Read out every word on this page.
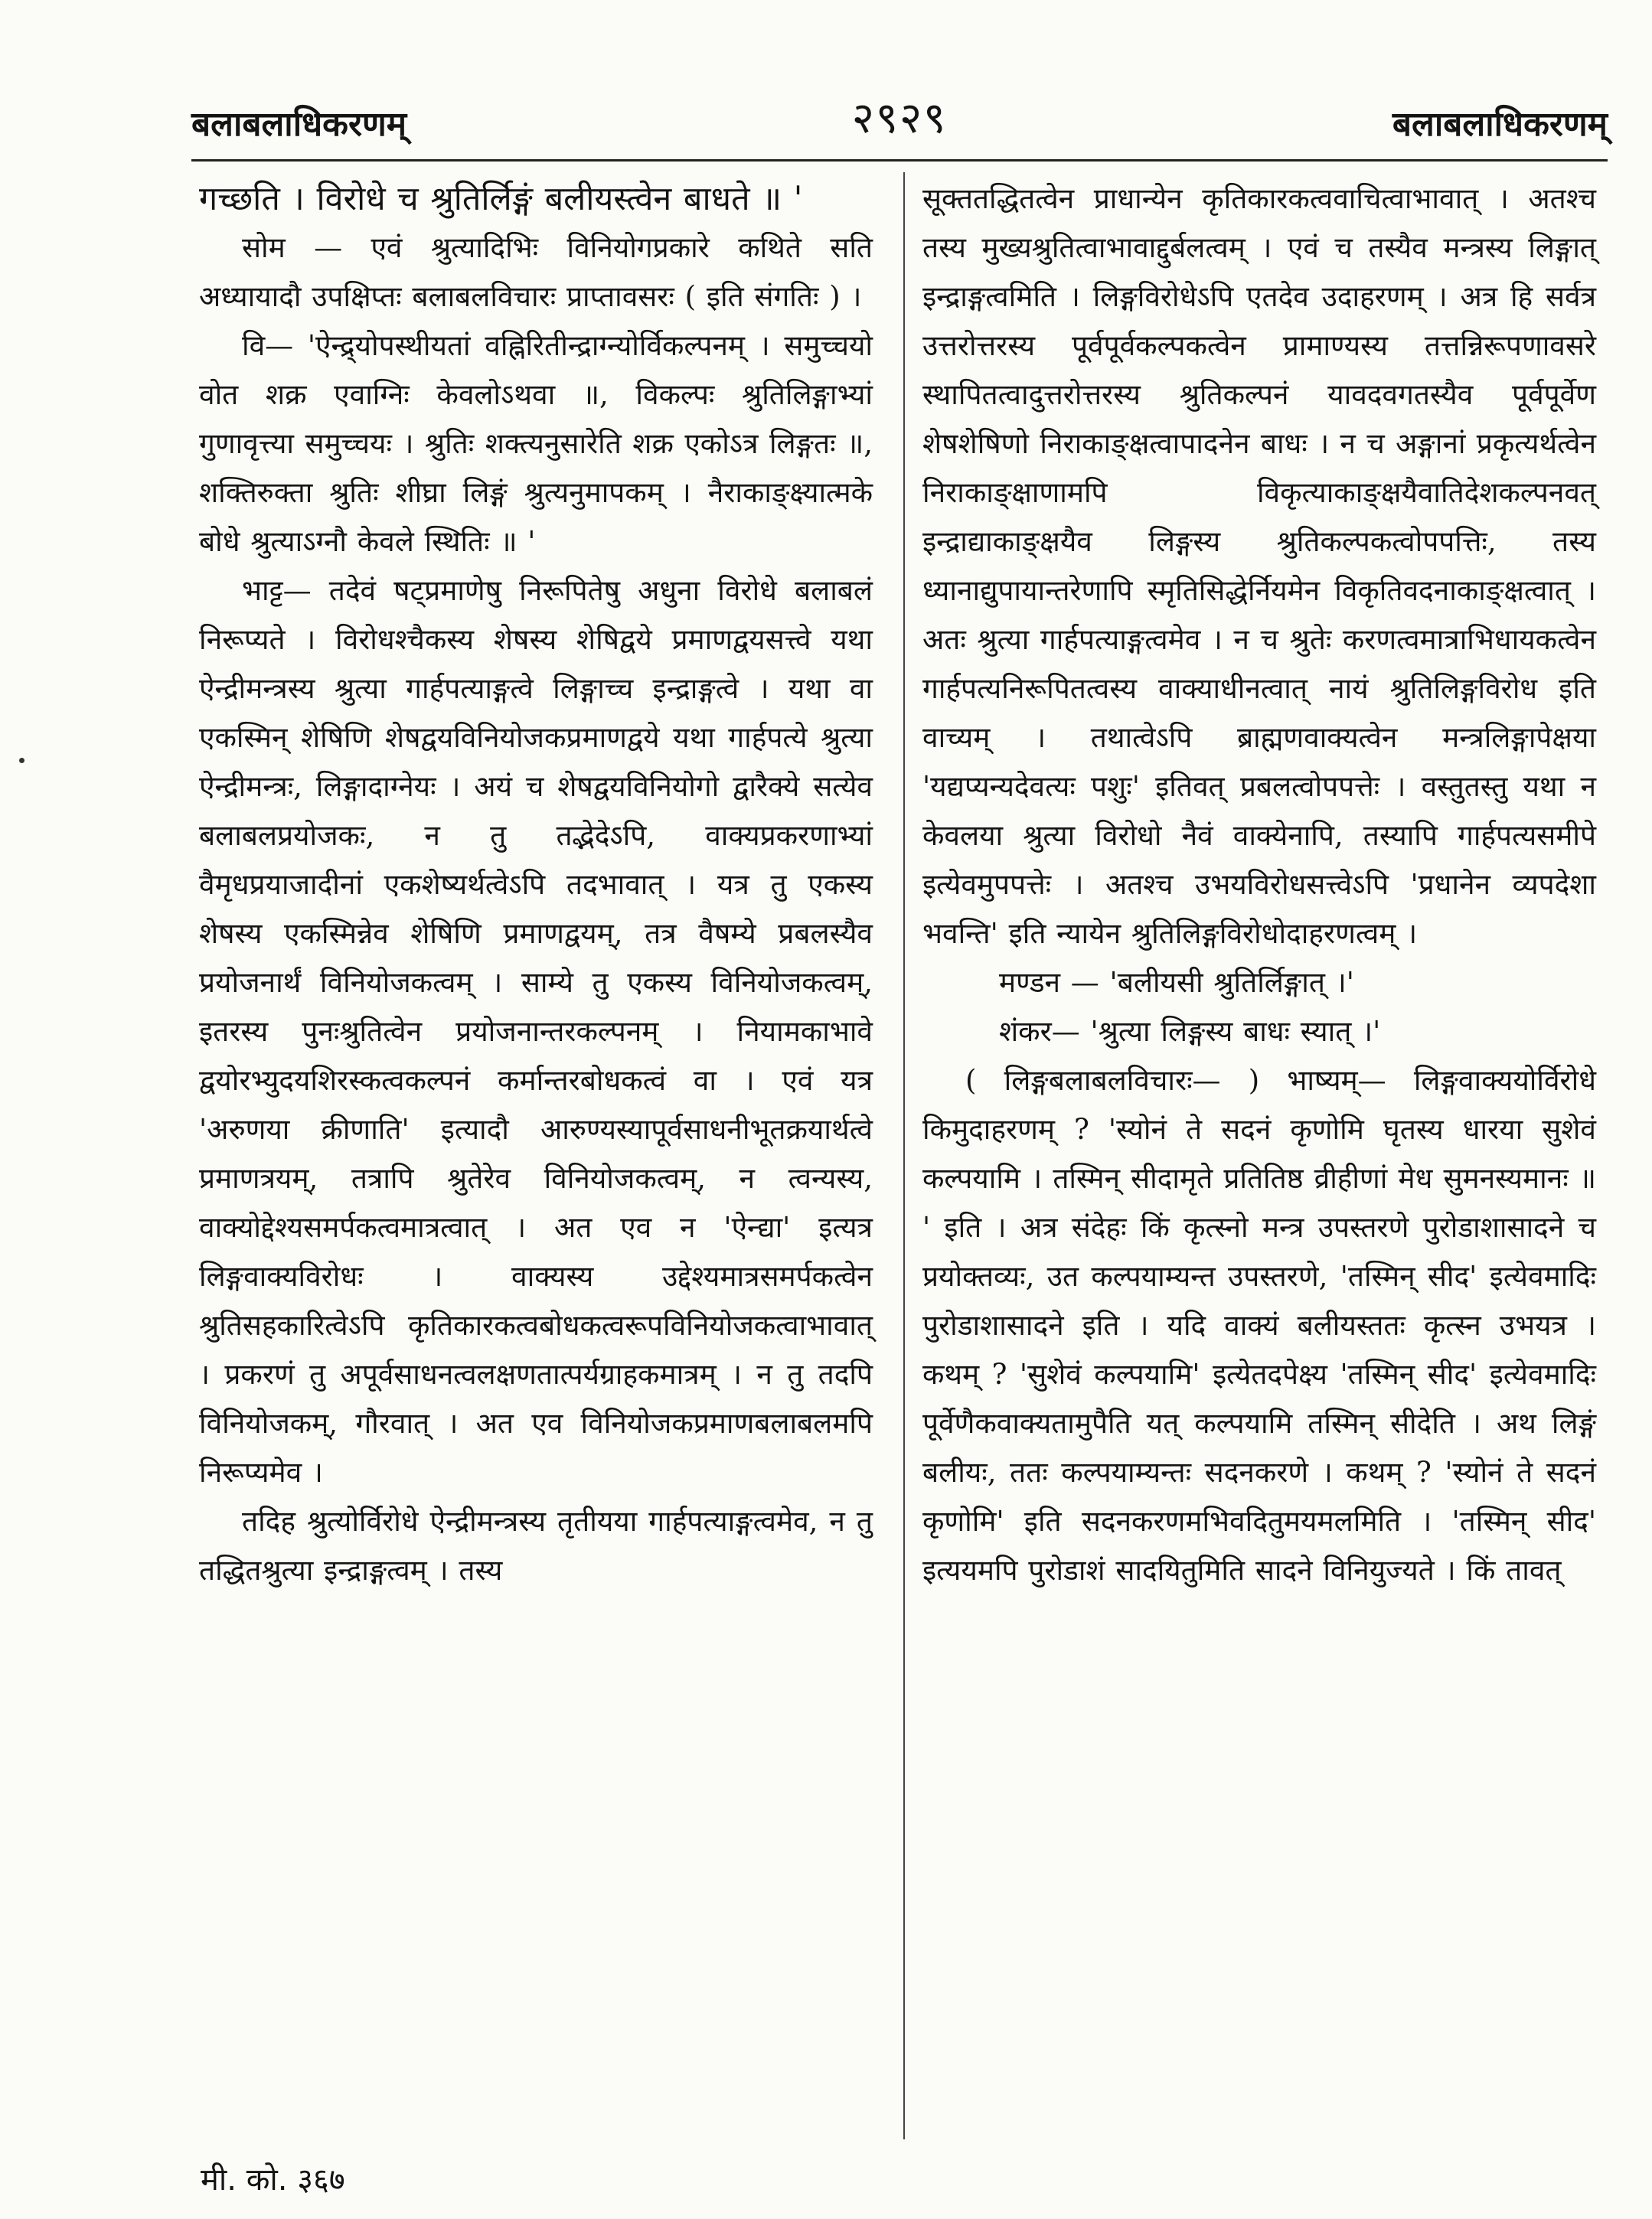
बलाबलाधिकरणम्	२९२९	बलाबलाधिकरणम्

गच्छति । विरोधे च श्रुतिर्लिङ्गं बलीयस्त्वेन बाधते ॥ '

सोम — एवं श्रुत्यादिभिः विनियोगप्रकारे कथिते सति अध्यायादौ उपक्षिप्तः बलाबलविचारः प्राप्तावसरः ( इति संगतिः ) ।

वि— 'ऐन्द्र्योपस्थीयतां वह्निरितीन्द्राग्न्योर्विकल्पनम् । समुच्चयो वोत शक्र एवाग्निः केवलोऽथवा ॥, विकल्पः श्रुतिलिङ्गाभ्यां गुणावृत्त्या समुच्चयः । श्रुतिः शक्त्यनुसारेति शक्र एकोऽत्र लिङ्गतः ॥, शक्तिरुक्ता श्रुतिः शीघ्रा लिङ्गं श्रुत्यनुमापकम् । नैराकाङ्क्ष्यात्मके बोधे श्रुत्याऽग्नौ केवले स्थितिः ॥ '

भाट्ट— तदेवं षट्प्रमाणेषु निरूपितेषु अधुना विरोधे बलाबलं निरूप्यते । विरोधश्चैकस्य शेषस्य शेषिद्वये प्रमाणद्वयसत्त्वे यथा ऐन्द्रीमन्त्रस्य श्रुत्या गार्हपत्याङ्गत्वे लिङ्गाच्च इन्द्राङ्गत्वे । यथा वा एकस्मिन् शेषिणि शेषद्वयविनियोजकप्रमाणद्वये यथा गार्हपत्ये श्रुत्या ऐन्द्रीमन्त्रः, लिङ्गादाग्नेयः । अयं च शेषद्वयविनियोगो द्वारैक्ये सत्येव बलाबलप्रयोजकः, न तु तद्भेदेऽपि, वाक्यप्रकरणाभ्यां वैमृधप्रयाजादीनां एकशेष्यर्थत्वेऽपि तदभावात् । यत्र तु एकस्य शेषस्य एकस्मिन्नेव शेषिणि प्रमाणद्वयम्, तत्र वैषम्ये प्रबलस्यैव प्रयोजनार्थं विनियोजकत्वम् । साम्ये तु एकस्य विनियोजकत्वम्, इतरस्य पुनःश्रुतित्वेन प्रयोजनान्तरकल्पनम् । नियामकाभावे द्वयोरभ्युदयशिरस्कत्वकल्पनं कर्मान्तरबोधकत्वं वा । एवं यत्र 'अरुणया क्रीणाति' इत्यादौ आरुण्यस्यापूर्वसाधनीभूतक्रयार्थत्वे प्रमाणत्रयम्, तत्रापि श्रुतेरेव विनियोजकत्वम्, न त्वन्यस्य, वाक्योद्देश्यसमर्पकत्वमात्रत्वात् । अत एव न 'ऐन्द्या' इत्यत्र लिङ्गवाक्यविरोधः । वाक्यस्य उद्देश्यमात्रसमर्पकत्वेन श्रुतिसहकारित्वेऽपि कृतिकारकत्वबोधकत्वरूपविनियोजकत्वाभावात् । प्रकरणं तु अपूर्वसाधनत्वलक्षणतात्पर्यग्राहकमात्रम् । न तु तदपि विनियोजकम्, गौरवात् । अत एव विनियोजकप्रमाणबलाबलमपि निरूप्यमेव ।

तदिह श्रुत्योर्विरोधे ऐन्द्रीमन्त्रस्य तृतीयया गार्हपत्याङ्गत्वमेव, न तु तद्धितश्रुत्या इन्द्राङ्गत्वम् । तस्य

सूक्ततद्धितत्वेन प्राधान्येन कृतिकारकत्ववाचित्वाभावात् । अतश्च तस्य मुख्यश्रुतित्वाभावाद्दुर्बलत्वम् । एवं च तस्यैव मन्त्रस्य लिङ्गात् इन्द्राङ्गत्वमिति । लिङ्गविरोधेऽपि एतदेव उदाहरणम् । अत्र हि सर्वत्र उत्तरोत्तरस्य पूर्वपूर्वकल्पकत्वेन प्रामाण्यस्य तत्तन्निरूपणावसरे स्थापितत्वादुत्तरोत्तरस्य श्रुतिकल्पनं यावदवगतस्यैव पूर्वपूर्वेण शेषशेषिणो निराकाङ्क्षत्वापादनेन बाधः । न च अङ्गानां प्रकृत्यर्थत्वेन निराकाङ्क्षाणामपि विकृत्याकाङ्क्षयैवातिदेशकल्पनवत् इन्द्राद्याकाङ्क्षयैव लिङ्गस्य श्रुतिकल्पकत्वोपपत्तिः, तस्य ध्यानाद्युपायान्तरेणापि स्मृतिसिद्धेर्नियमेन विकृतिवदनाकाङ्क्षत्वात् । अतः श्रुत्या गार्हपत्याङ्गत्वमेव । न च श्रुतेः करणत्वमात्राभिधायकत्वेन गार्हपत्यनिरूपितत्वस्य वाक्याधीनत्वात् नायं श्रुतिलिङ्गविरोध इति वाच्यम् । तथात्वेऽपि ब्राह्मणवाक्यत्वेन मन्त्रलिङ्गापेक्षया 'यद्यप्यन्यदेवत्यः पशुः' इतिवत् प्रबलत्वोपपत्तेः । वस्तुतस्तु यथा न केवलया श्रुत्या विरोधो नैवं वाक्येनापि, तस्यापि गार्हपत्यसमीपे इत्येवमुपपत्तेः । अतश्च उभयविरोधसत्त्वेऽपि 'प्रधानेन व्यपदेशा भवन्ति' इति न्यायेन श्रुतिलिङ्गविरोधोदाहरणत्वम् ।

मण्डन — 'बलीयसी श्रुतिर्लिङ्गात् ।'

शंकर— 'श्रुत्या लिङ्गस्य बाधः स्यात् ।'

( लिङ्गबलाबलविचारः— ) भाष्यम्— लिङ्गवाक्ययोर्विरोधे किमुदाहरणम् ? 'स्योनं ते सदनं कृणोमि घृतस्य धारया सुशेवं कल्पयामि । तस्मिन् सीदामृते प्रतितिष्ठ व्रीहीणां मेध सुमनस्यमानः ॥ ' इति । अत्र संदेहः किं कृत्स्नो मन्त्र उपस्तरणे पुरोडाशासादने च प्रयोक्तव्यः, उत कल्पयाम्यन्त उपस्तरणे, 'तस्मिन् सीद' इत्येवमादिः पुरोडाशासादने इति । यदि वाक्यं बलीयस्ततः कृत्स्न उभयत्र । कथम् ? 'सुशेवं कल्पयामि' इत्येतदपेक्ष्य 'तस्मिन् सीद' इत्येवमादिः पूर्वेणैकवाक्यतामुपैति यत् कल्पयामि तस्मिन् सीदेति । अथ लिङ्गं बलीयः, ततः कल्पयाम्यन्तः सदनकरणे । कथम् ? 'स्योनं ते सदनं कृणोमि' इति सदनकरणमभिवदितुमयमलमिति । 'तस्मिन् सीद' इत्ययमपि पुरोडाशं सादयितुमिति सादने विनियुज्यते । किं तावत्

मी. को. ३६७
